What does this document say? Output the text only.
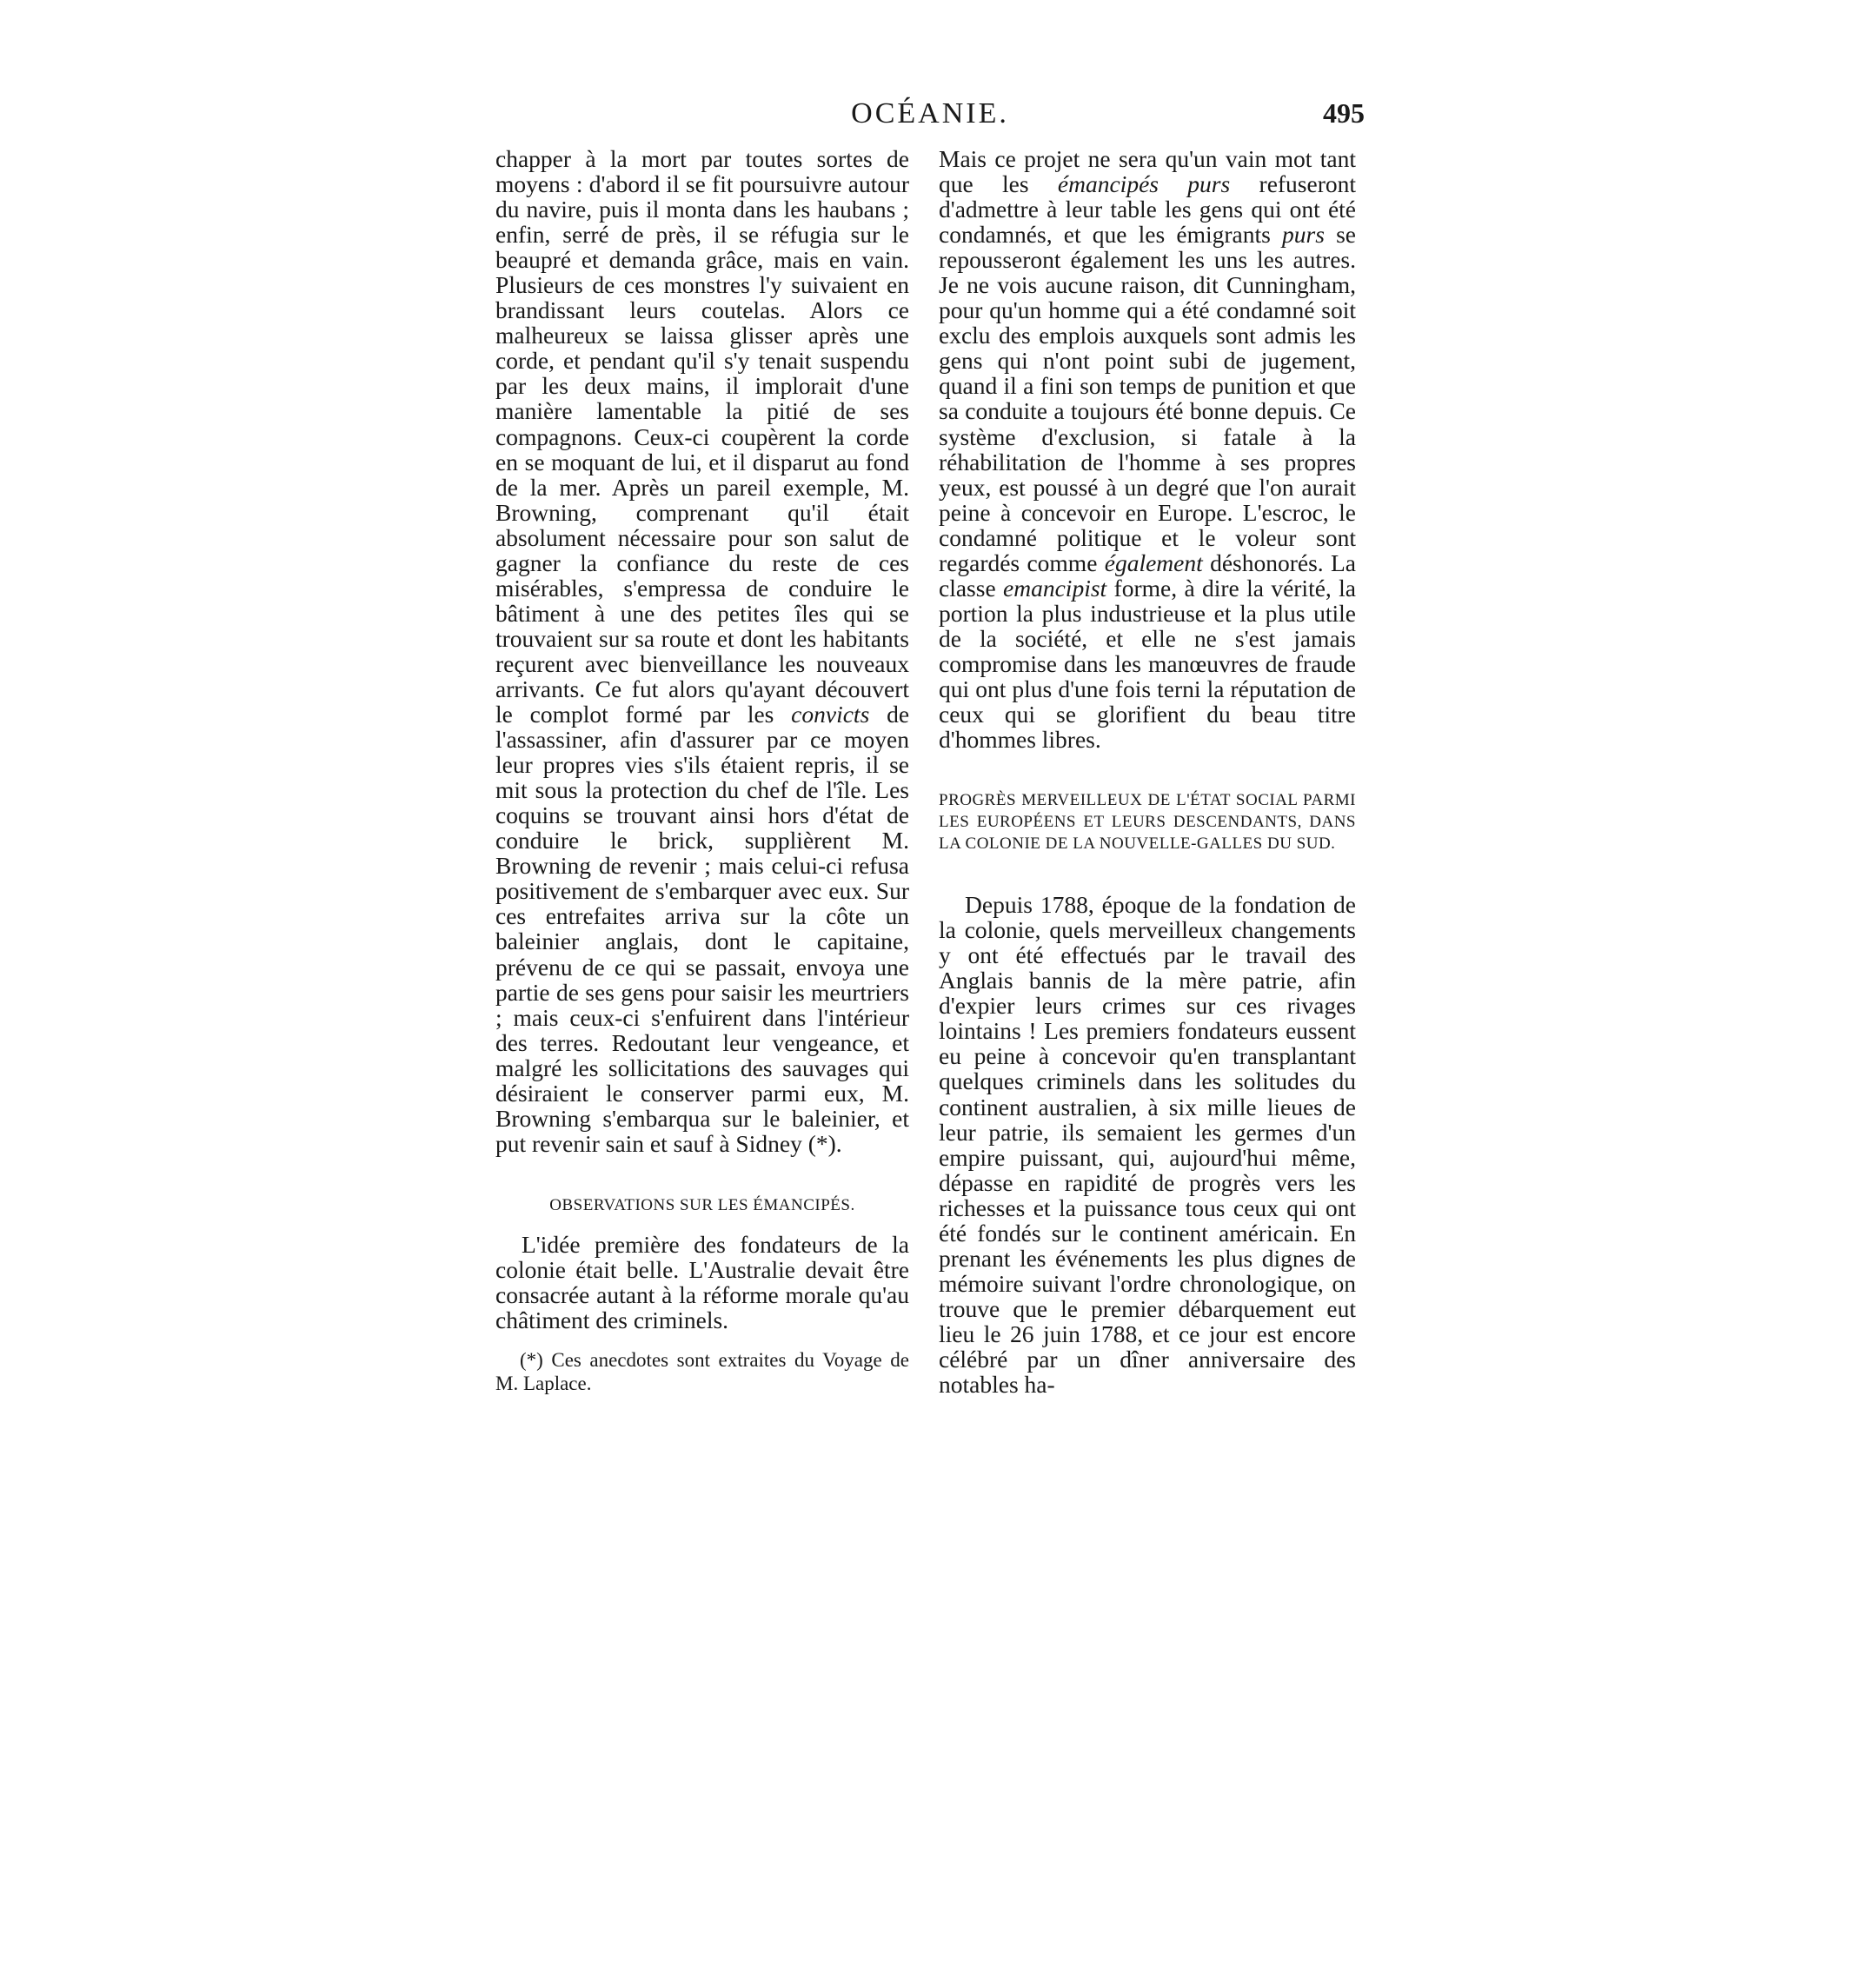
OCÉANIE.	495

chapper à la mort par toutes sortes de moyens : d'abord il se fit poursuivre autour du navire, puis il monta dans les haubans ; enfin, serré de près, il se réfugia sur le beaupré et demanda grâce, mais en vain. Plusieurs de ces monstres l'y suivaient en brandissant leurs coutelas. Alors ce malheureux se laissa glisser après une corde, et pendant qu'il s'y tenait suspendu par les deux mains, il implorait d'une manière lamentable la pitié de ses compagnons. Ceux-ci coupèrent la corde en se moquant de lui, et il disparut au fond de la mer. Après un pareil exemple, M. Browning, comprenant qu'il était absolument nécessaire pour son salut de gagner la confiance du reste de ces misérables, s'empressa de conduire le bâtiment à une des petites îles qui se trouvaient sur sa route et dont les habitants reçurent avec bienveillance les nouveaux arrivants. Ce fut alors qu'ayant découvert le complot formé par les convicts de l'assassiner, afin d'assurer par ce moyen leur propres vies s'ils étaient repris, il se mit sous la protection du chef de l'île. Les coquins se trouvant ainsi hors d'état de conduire le brick, supplièrent M. Browning de revenir ; mais celui-ci refusa positivement de s'embarquer avec eux. Sur ces entrefaites arriva sur la côte un baleinier anglais, dont le capitaine, prévenu de ce qui se passait, envoya une partie de ses gens pour saisir les meurtriers ; mais ceux-ci s'enfuirent dans l'intérieur des terres. Redoutant leur vengeance, et malgré les sollicitations des sauvages qui désiraient le conserver parmi eux, M. Browning s'embarqua sur le baleinier, et put revenir sain et sauf à Sidney (*).

OBSERVATIONS SUR LES ÉMANCIPÉS.

L'idée première des fondateurs de la colonie était belle. L'Australie devait être consacrée autant à la réforme morale qu'au châtiment des criminels.

(*) Ces anecdotes sont extraites du Voyage de M. Laplace.

Mais ce projet ne sera qu'un vain mot tant que les émancipés purs refuseront d'admettre à leur table les gens qui ont été condamnés, et que les émigrants purs se repousseront également les uns les autres. Je ne vois aucune raison, dit Cunningham, pour qu'un homme qui a été condamné soit exclu des emplois auxquels sont admis les gens qui n'ont point subi de jugement, quand il a fini son temps de punition et que sa conduite a toujours été bonne depuis. Ce système d'exclusion, si fatale à la réhabilitation de l'homme à ses propres yeux, est poussé à un degré que l'on aurait peine à concevoir en Europe. L'escroc, le condamné politique et le voleur sont regardés comme également déshonorés. La classe emancipist forme, à dire la vérité, la portion la plus industrieuse et la plus utile de la société, et elle ne s'est jamais compromise dans les manœuvres de fraude qui ont plus d'une fois terni la réputation de ceux qui se glorifient du beau titre d'hommes libres.

PROGRÈS MERVEILLEUX DE L'ÉTAT SOCIAL PARMI LES EUROPÉENS ET LEURS DESCENDANTS, DANS LA COLONIE DE LA NOUVELLE-GALLES DU SUD.

Depuis 1788, époque de la fondation de la colonie, quels merveilleux changements y ont été effectués par le travail des Anglais bannis de la mère patrie, afin d'expier leurs crimes sur ces rivages lointains ! Les premiers fondateurs eussent eu peine à concevoir qu'en transplantant quelques criminels dans les solitudes du continent australien, à six mille lieues de leur patrie, ils semaient les germes d'un empire puissant, qui, aujourd'hui même, dépasse en rapidité de progrès vers les richesses et la puissance tous ceux qui ont été fondés sur le continent américain. En prenant les événements les plus dignes de mémoire suivant l'ordre chronologique, on trouve que le premier débarquement eut lieu le 26 juin 1788, et ce jour est encore célébré par un dîner anniversaire des notables ha-
